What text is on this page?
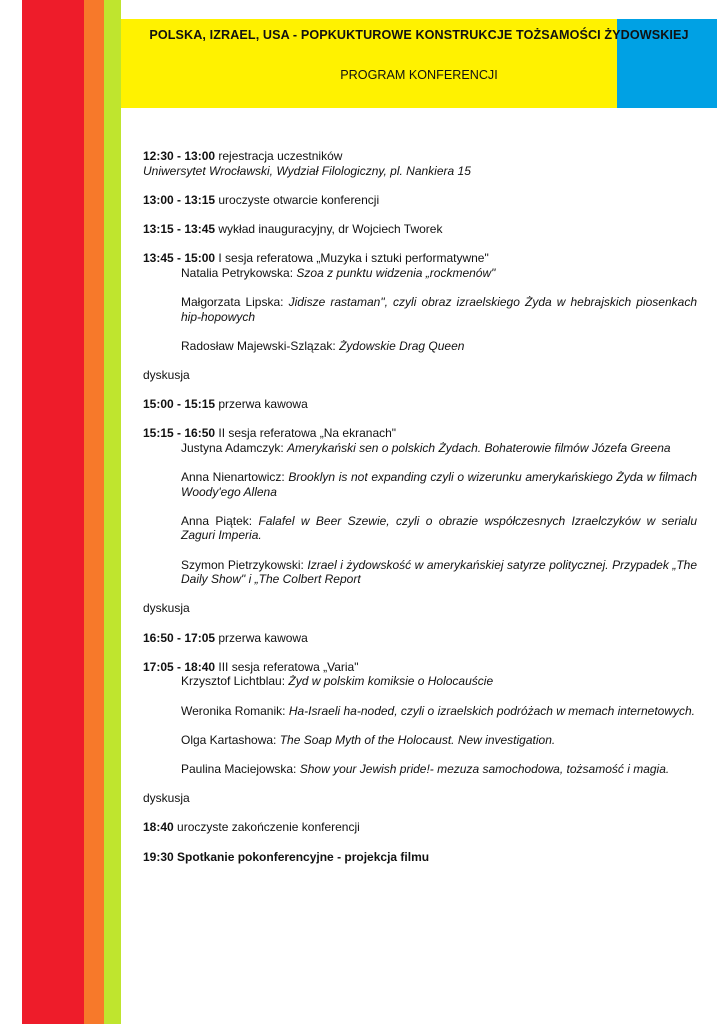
POLSKA, IZRAEL, USA - POPKUKTUROWE KONSTRUKCJE TOŻSAMOŚCI ŻYDOWSKIEJ
PROGRAM KONFERENCJI
12:30 - 13:00 rejestracja uczestników
Uniwersytet Wrocławski, Wydział Filologiczny, pl. Nankiera 15
13:00 - 13:15 uroczyste otwarcie konferencji
13:15 - 13:45 wykład inauguracyjny, dr Wojciech Tworek
13:45 - 15:00 I sesja referatowa „Muzyka i sztuki performatywne"
Natalia Petrykowska: Szoa z punktu widzenia „rockmenów"
Małgorzata Lipska: Jidisze rastaman", czyli obraz izraelskiego Żyda w hebrajskich piosenkach hip-hopowych
Radosław Majewski-Szlązak: Żydowskie Drag Queen
dyskusja
15:00 - 15:15 przerwa kawowa
15:15 - 16:50 II sesja referatowa „Na ekranach"
Justyna Adamczyk: Amerykański sen o polskich Żydach. Bohaterowie filmów Józefa Greena
Anna Nienartowicz: Brooklyn is not expanding czyli o wizerunku amerykańskiego Żyda w filmach Woody'ego Allena
Anna Piątek: Falafel w Beer Szewie, czyli o obrazie współczesnych Izraelczyków w serialu Zaguri Imperia.
Szymon Pietrzykowski: Izrael i żydowskość w amerykańskiej satyrze politycznej. Przypadek „The Daily Show" i „The Colbert Report
dyskusja
16:50 - 17:05 przerwa kawowa
17:05 - 18:40 III sesja referatowa „Varia"
Krzysztof Lichtblau: Żyd w polskim komiksie o Holocauście
Weronika Romanik: Ha-Israeli ha-noded, czyli o izraelskich podróżach w memach internetowych.
Olga Kartashowa: The Soap Myth of the Holocaust. New investigation.
Paulina Maciejowska: Show your Jewish pride!- mezuza samochodowa, tożsamość i magia.
dyskusja
18:40 uroczyste zakończenie konferencji
19:30 Spotkanie pokonferencyjne - projekcja filmu
